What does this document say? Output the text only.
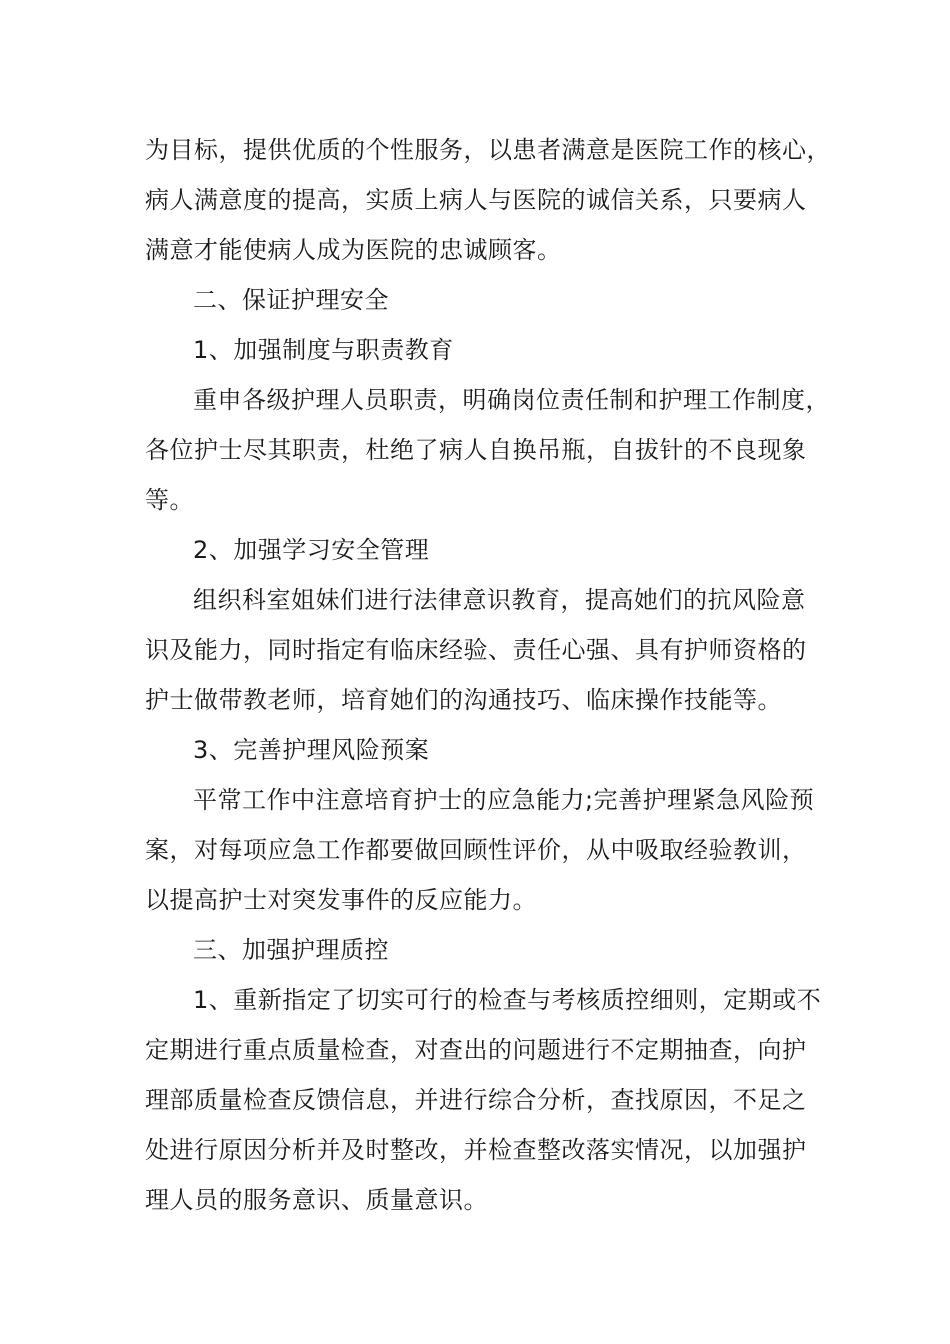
为目标，提供优质的个性服务，以患者满意是医院工作的核心，
病人满意度的提高，实质上病人与医院的诚信关系，只要病人
满意才能使病人成为医院的忠诚顾客。
二、保证护理安全
1、加强制度与职责教育
重申各级护理人员职责，明确岗位责任制和护理工作制度，
各位护士尽其职责，杜绝了病人自换吊瓶，自拔针的不良现象
等。
2、加强学习安全管理
组织科室姐妹们进行法律意识教育，提高她们的抗风险意
识及能力，同时指定有临床经验、责任心强、具有护师资格的
护士做带教老师，培育她们的沟通技巧、临床操作技能等。
3、完善护理风险预案
平常工作中注意培育护士的应急能力;完善护理紧急风险预
案，对每项应急工作都要做回顾性评价，从中吸取经验教训，
以提高护士对突发事件的反应能力。
三、加强护理质控
1、重新指定了切实可行的检查与考核质控细则，定期或不
定期进行重点质量检查，对查出的问题进行不定期抽查，向护
理部质量检查反馈信息，并进行综合分析，查找原因，不足之
处进行原因分析并及时整改，并检查整改落实情况，以加强护
理人员的服务意识、质量意识。
